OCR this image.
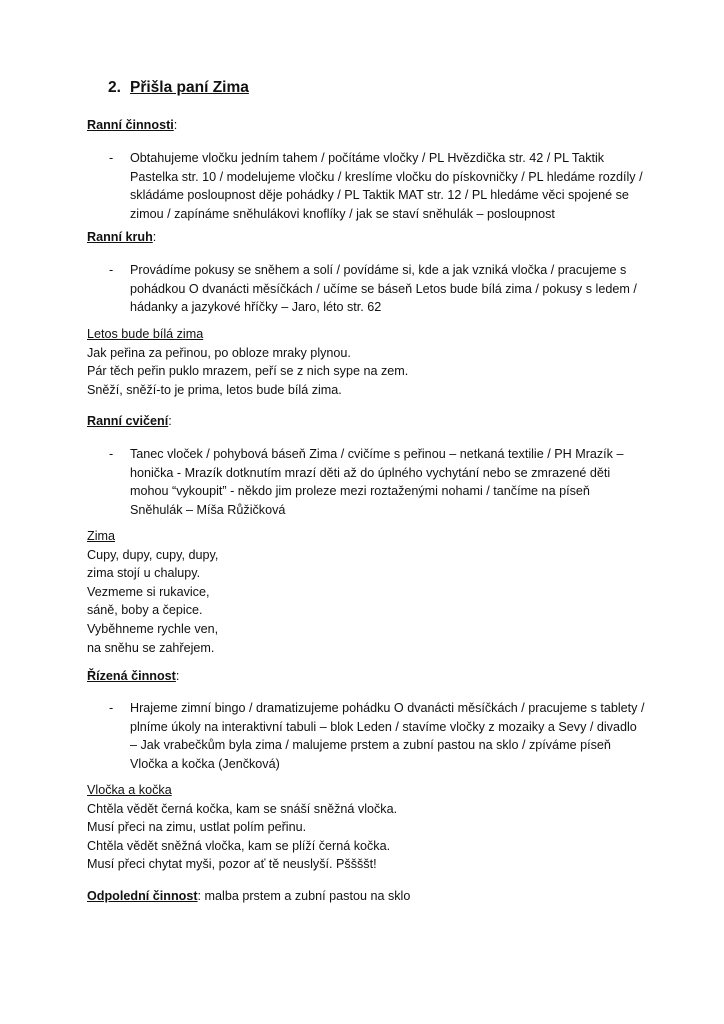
2. Přišla paní Zima

Ranní činnosti:

- Obtahujeme vločku jedním tahem / počítáme vločky / PL Hvězdička str. 42 / PL Taktik Pastelka str. 10 / modelujeme vločku / kreslíme vločku do pískovničky / PL hledáme rozdíly / skládáme posloupnost děje pohádky / PL Taktik MAT str. 12 / PL hledáme věci spojené se zimou / zapínáme sněhulákovi knoflíky / jak se staví sněhulák – posloupnost

Ranní kruh:

- Provádíme pokusy se sněhem a solí / povídáme si, kde a jak vzniká vločka / pracujeme s pohádkou O dvanácti měsíčkách / učíme se báseň Letos bude bílá zima / pokusy s ledem / hádanky a jazykové hříčky – Jaro, léto str. 62
Letos bude bílá zima
Jak peřina za peřinou, po obloze mraky plynou.
Pár těch peřin puklo mrazem, peří se z nich sype na zem.
Sněží, sněží-to je prima, letos bude bílá zima.

Ranní cvičení:

- Tanec vloček / pohybová báseň Zima / cvičíme s peřinou – netkaná textilie / PH Mrazík – honička - Mrazík dotknutím mrazí děti až do úplného vychytání nebo se zmrazené děti mohou “vykoupit” - někdo jim proleze mezi roztaženými nohami / tančíme na píseň Sněhulák – Míša Růžičková
Zima
Cupy, dupy, cupy, dupy,
zima stojí u chalupy.
Vezmeme si rukavice,
sáně, boby a čepice.
Vyběhneme rychle ven,
na sněhu se zahřejem.

Řízená činnost:

- Hrajeme zimní bingo / dramatizujeme pohádku O dvanácti měsíčkách / pracujeme s tablety / plníme úkoly na interaktivní tabuli – blok Leden / stavíme vločky z mozaiky a Sevy / divadlo – Jak vrabečkům byla zima / malujeme prstem a zubní pastou na sklo / zpíváme píseň Vločka a kočka (Jenčková)
Vločka a kočka
Chtěla vědět černá kočka, kam se snáší sněžná vločka.
Musí přeci na zimu, ustlat polím peřinu.
Chtěla vědět sněžná vločka, kam se plíží černá kočka.
Musí přeci chytat myši, pozor ať tě neuslyší. Pššššt!

Odpolední činnost: malba prstem a zubní pastou na sklo
